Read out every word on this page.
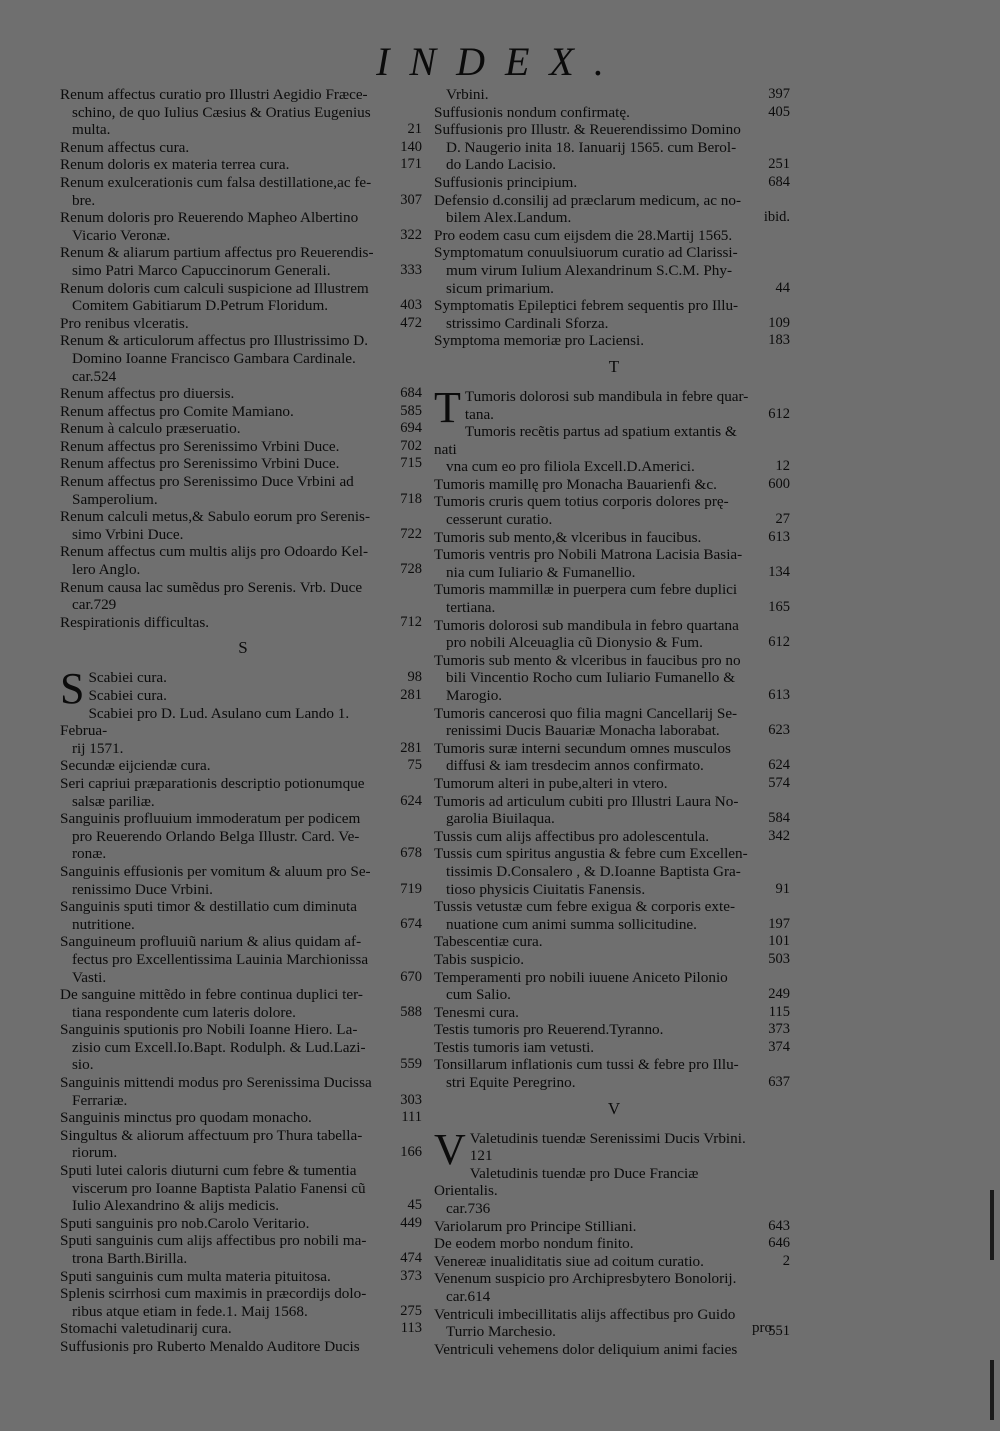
INDEX.
Renum affectus curatio pro Illustri Aegidio Fræce-
schino, de quo Iulius Cæsius & Oratius Eugenius
multa.	21
Renum affectus cura.	140
Renum doloris ex materia terrea cura.	171
Renum exulcerationis cum falsa destillatione,ac fe-
bre.	307
Renum doloris pro Reuerendo Mapheo Albertino
Vicario Veronæ.	322
Renum & aliarum partium affectus pro Reuerendis-
simo Patri Marco Capuccinorum Generali.	333
Renum doloris cum calculi suspicione ad Illustrem
Comitem Gabitiarum D.Petrum Floridum.	403
Pro renibus vlceratis.	472
Renum & articulorum affectus pro Illustrissimo D.
Domino Ioanne Francisco Gambara Cardinale.
car.524
Renum affectus pro diuersis.	684
Renum affectus pro Comite Mamiano.	585
Renum à calculo præseruatio.	694
Renum affectus pro Serenissimo Vrbini Duce.	702
Renum affectus pro Serenissimo Vrbini Duce.	715
Renum affectus pro Serenissimo Duce Vrbini ad
Samperolium.	718
Renum calculi metus,& Sabulo eorum pro Serenis-
simo Vrbini Duce.	722
Renum affectus cum multis alijs pro Odoardo Kel-
lero Anglo.	728
Renum causa lac sumẽdus pro Serenis. Vrb. Duce
car.729
Respirationis difficultas.	712
S
S Scabiei cura.	98
Scabiei cura.	281
Scabiei pro D. Lud. Asulano cum Lando 1. Februa-
rij 1571.	281
Secundæ eijciendæ cura.	75
Seri capriui præparationis descriptio potionumque
salsæ pariliæ.	624
Sanguinis profluuium immoderatum per podicem
pro Reuerendo Orlando Belga Illustr. Card. Ve-
ronæ.	678
Sanguinis effusionis per vomitum & aluum pro Se-
renissimo Duce Vrbini.	719
Sanguinis sputi timor & destillatio cum diminuta
nutritione.	674
Sanguineum profluuiũ narium & alius quidam af-
fectus pro Excellentissima Lauinia Marchionissa
Vasti.	670
De sanguine mittẽdo in febre continua duplici ter-
tiana respondente cum lateris dolore.	588
Sanguinis sputionis pro Nobili Ioanne Hiero. La-
zisio cum Excell.Io.Bapt. Rodulph. & Lud.Lazi-
sio.	559
Sanguinis mittendi modus pro Serenissima Ducissa
Ferrariæ.	303
Sanguinis minctus pro quodam monacho.	111
Singultus & aliorum affectuum pro Thura tabella-
riorum.	166
Sputi lutei caloris diuturni cum febre & tumentia
viscerum pro Ioanne Baptista Palatio Fanensi cũ
Iulio Alexandrino & alijs medicis.	45
Sputi sanguinis pro nob.Carolo Veritario.	449
Sputi sanguinis cum alijs affectibus pro nobili ma-
trona Barth.Birilla.	474
Sputi sanguinis cum multa materia pituitosa.	373
Splenis scirrhosi cum maximis in præcordijs dolo-
ribus atque etiam in fede.1. Maij 1568.	275
Stomachi valetudinarij cura.	113
Suffusionis pro Ruberto Menaldo Auditore Ducis
Vrbini.	397
Suffusionis nondum confirmatę.	405
Suffusionis pro Illustr. & Reuerendissimo Domino
D. Naugerio inita 18. Ianuarij 1565. cum Berol-
do Lando Lacisio.	251
Suffusionis principium.	684
Defensio d.consilij ad præclarum medicum, ac no-
bilem Alex.Landum.	ibid.
Pro eodem casu cum eijsdem die 28.Martij 1565.
Symptomatum conuulsiuorum curatio ad Clarissi-
mum virum Iulium Alexandrinum S.C.M. Phy-
sicum primarium.	44
Symptomatis Epileptici febrem sequentis pro Illu-
strissimo Cardinali Sforza.	109
Symptoma memoriæ pro Laciensi.	183
T
T Tumoris dolorosi sub mandibula in febre quar-
tana.	612
Tumoris recẽtis partus ad spatium extantis & nati
vna cum eo pro filiola Excell.D.Americi.	12
Tumoris mamillę pro Monacha Bauarienfi &c.	600
Tumoris cruris quem totius corporis dolores prę-
cesserunt curatio.	27
Tumoris sub mento,& vlceribus in faucibus.	613
Tumoris ventris pro Nobili Matrona Lacisia Basia-
nia cum Iuliario & Fumanellio.	134
Tumoris mammillæ in puerpera cum febre duplici
tertiana.	165
Tumoris dolorosi sub mandibula in febro quartana
pro nobili Alceuaglia cũ Dionysio & Fum.	612
Tumoris sub mento & vlceribus in faucibus pro no
bili Vincentio Rocho cum Iuliario Fumanello &
Marogio.	613
Tumoris cancerosi quo filia magni Cancellarij Se-
renissimi Ducis Bauariæ Monacha laborabat.	623
Tumoris suræ interni secundum omnes musculos
diffusi & iam tresdecim annos confirmato.	624
Tumorum alteri in pube,alteri in vtero.	574
Tumoris ad articulum cubiti pro Illustri Laura No-
garolia Biuilaqua.	584
Tussis cum alijs affectibus pro adolescentula.	342
Tussis cum spiritus angustia & febre cum Excellen-
tissimis D.Consalero , & D.Ioanne Baptista Gra-
tioso physicis Ciuitatis Fanensis.	91
Tussis vetustæ cum febre exigua & corporis exte-
nuatione cum animi summa sollicitudine.	197
Tabescentiæ cura.	101
Tabis suspicio.	503
Temperamenti pro nobili iuuene Aniceto Pilonio
cum Salio.	249
Tenesmi cura.	115
Testis tumoris pro Reuerend.Tyranno.	373
Testis tumoris iam vetusti.	374
Tonsillarum inflationis cum tussi & febre pro Illu-
stri Equite Peregrino.	637
V
V Valetudinis tuendæ Serenissimi Ducis Vrbini.
121
Valetudinis tuendæ pro Duce Franciæ Orientalis.
car.736
Variolarum pro Principe Stilliani.	643
De eodem morbo nondum finito.	646
Venereæ inualiditatis siue ad coitum curatio.	2
Venenum suspicio pro Archipresbytero Bonolorij.
car.614
Ventriculi imbecillitatis alijs affectibus pro Guido
Turrio Marchesio.	551
Ventriculi vehemens dolor deliquium animi facies
pro
